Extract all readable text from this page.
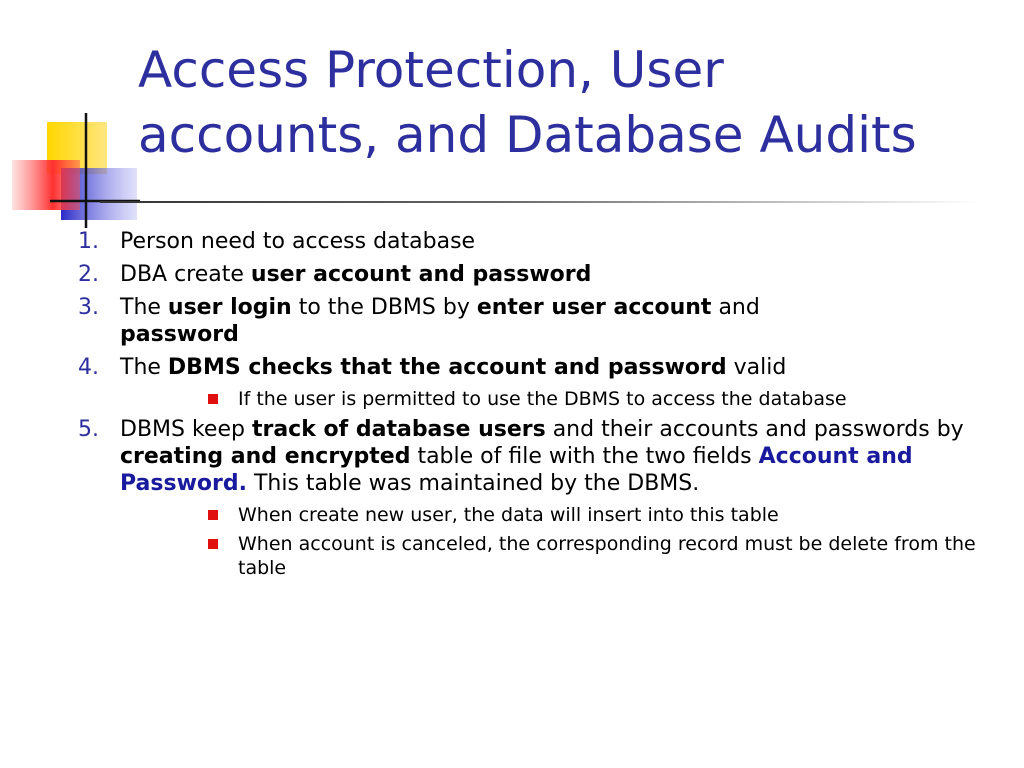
Access Protection, User
accounts, and Database Audits
1. Person need to access database
2. DBA create user account and password
3. The user login to the DBMS by enter user account and
password
4. The DBMS checks that the account and password valid
If the user is permitted to use the DBMS to access the database
5. DBMS keep track of database users and their accounts and passwords by creating and encrypted table of file with the two fields Account and Password. This table was maintained by the DBMS.
When create new user, the data will insert into this table
When account is canceled, the corresponding record must be delete from the table
